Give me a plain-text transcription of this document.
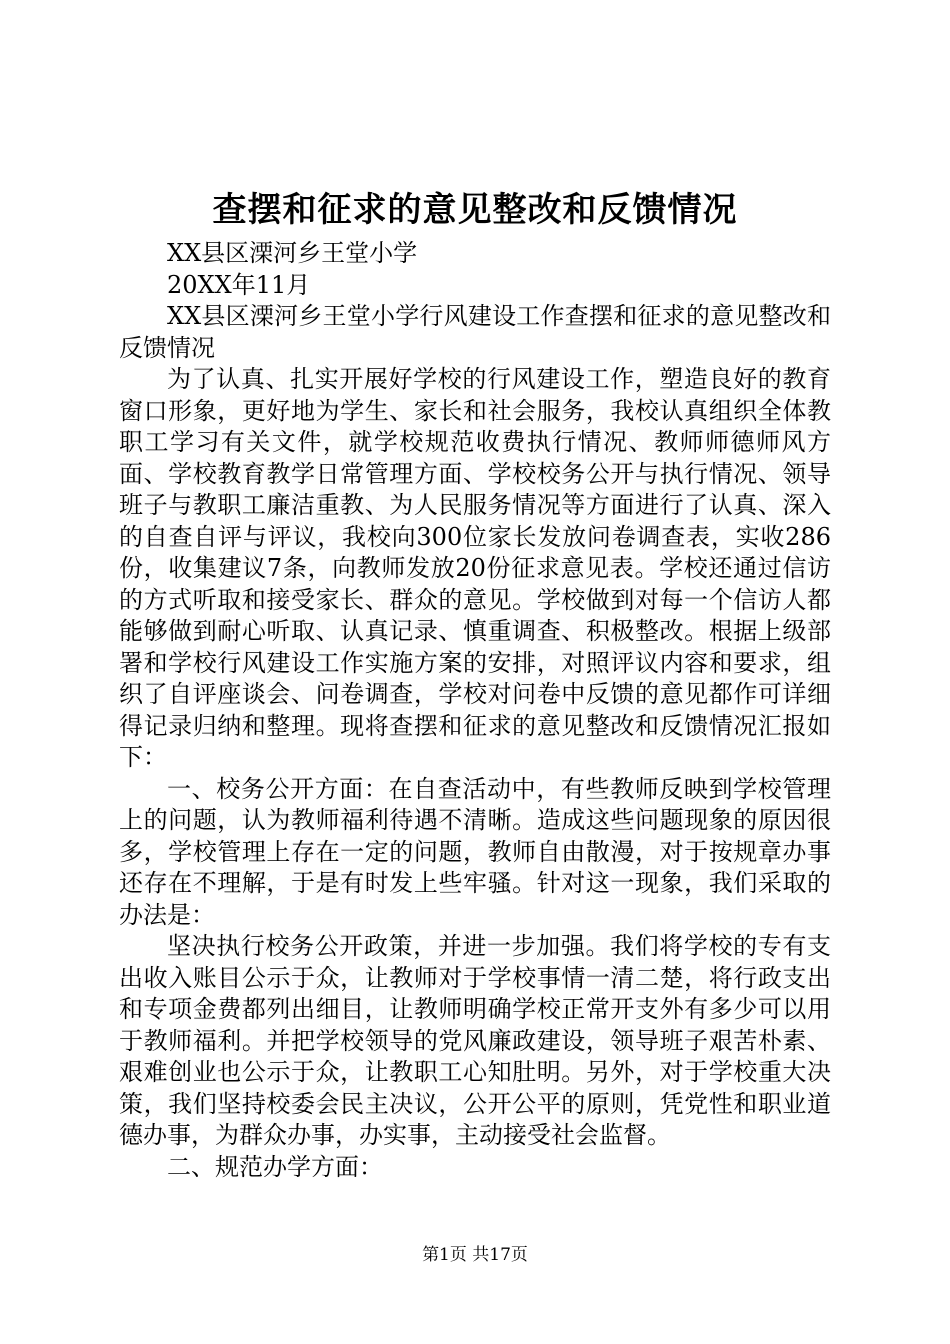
查摆和征求的意见整改和反馈情况

XX县区溧河乡王堂小学

20XX年11月

XX县区溧河乡王堂小学行风建设工作查摆和征求的意见整改和反馈情况

为了认真、扎实开展好学校的行风建设工作，塑造良好的教育窗口形象，更好地为学生、家长和社会服务，我校认真组织全体教职工学习有关文件，就学校规范收费执行情况、教师师德师风方面、学校教育教学日常管理方面、学校校务公开与执行情况、领导班子与教职工廉洁重教、为人民服务情况等方面进行了认真、深入的自查自评与评议，我校向300位家长发放问卷调查表，实收286份，收集建议7条，向教师发放20份征求意见表。学校还通过信访的方式听取和接受家长、群众的意见。学校做到对每一个信访人都能够做到耐心听取、认真记录、慎重调查、积极整改。根据上级部署和学校行风建设工作实施方案的安排，对照评议内容和要求，组织了自评座谈会、问卷调查，学校对问卷中反馈的意见都作可详细得记录归纳和整理。现将查摆和征求的意见整改和反馈情况汇报如下：

一、校务公开方面：在自查活动中，有些教师反映到学校管理上的问题，认为教师福利待遇不清晰。造成这些问题现象的原因很多，学校管理上存在一定的问题，教师自由散漫，对于按规章办事还存在不理解，于是有时发上些牢骚。针对这一现象，我们采取的办法是：

坚决执行校务公开政策，并进一步加强。我们将学校的专有支出收入账目公示于众，让教师对于学校事情一清二楚，将行政支出和专项金费都列出细目，让教师明确学校正常开支外有多少可以用于教师福利。并把学校领导的党风廉政建设，领导班子艰苦朴素、艰难创业也公示于众，让教职工心知肚明。另外，对于学校重大决策，我们坚持校委会民主决议，公开公平的原则，凭党性和职业道德办事，为群众办事，办实事，主动接受社会监督。

二、规范办学方面：

第1页 共17页
